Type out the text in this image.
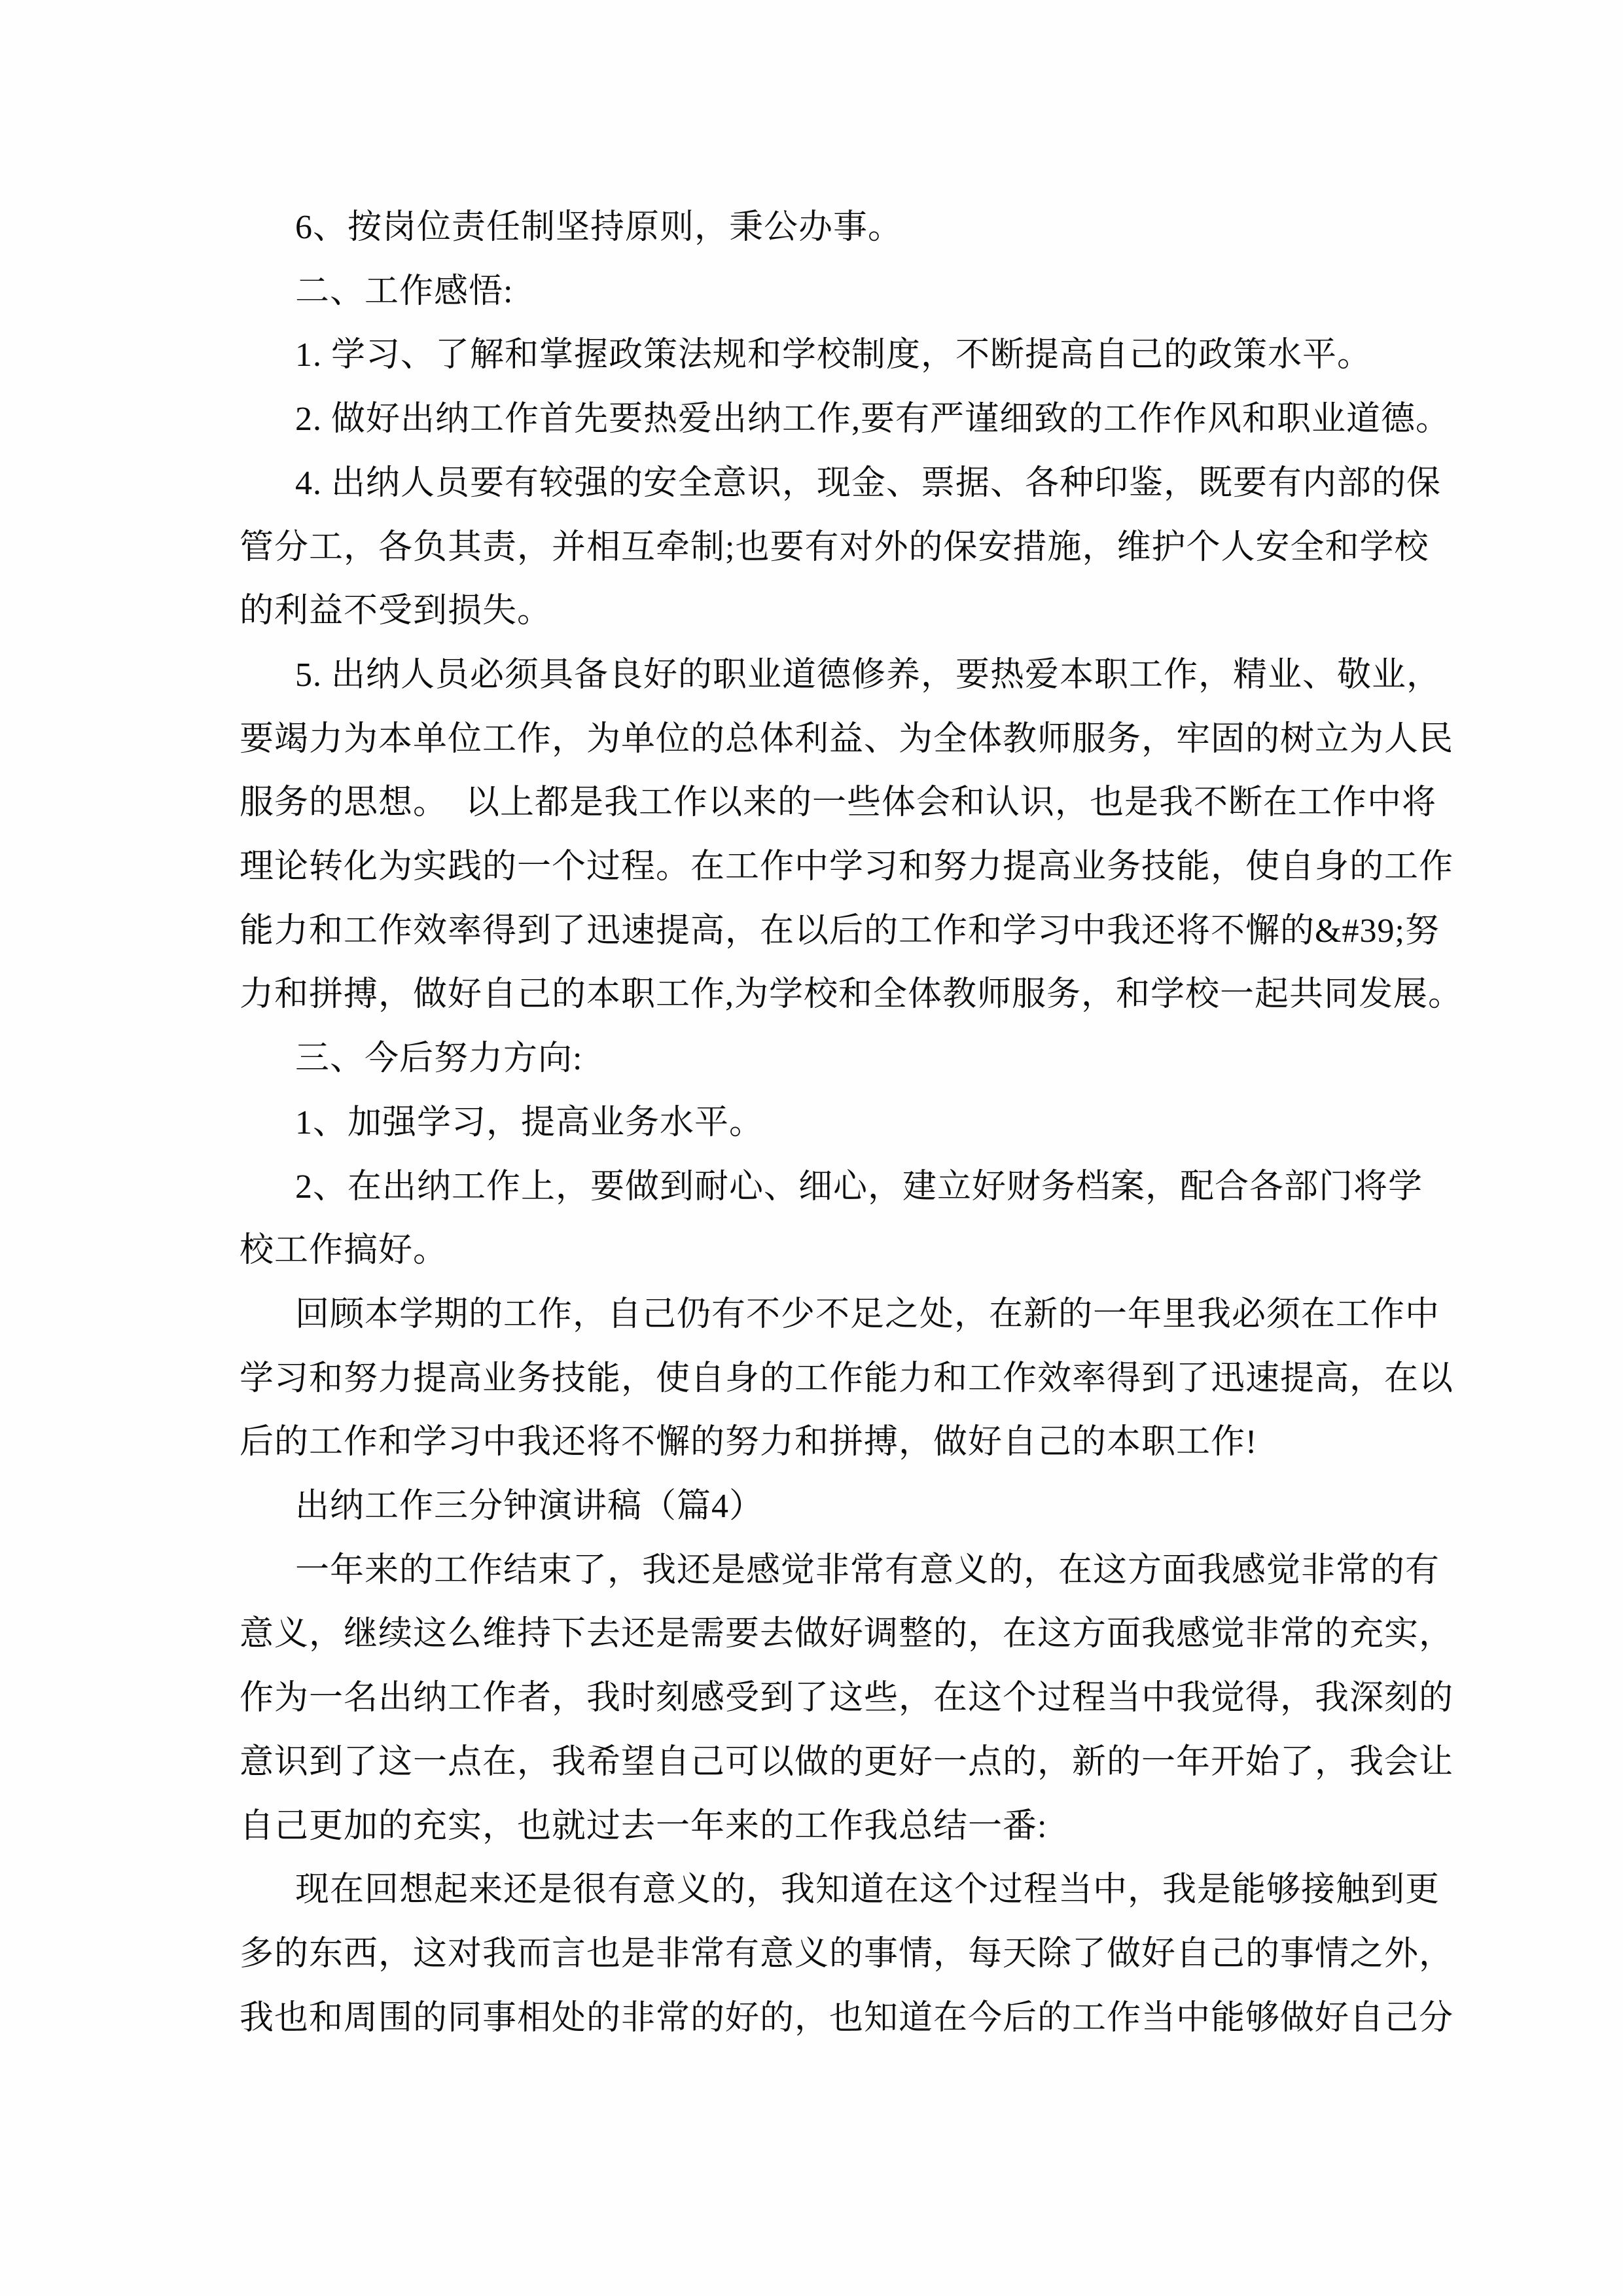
6、按岗位责任制坚持原则，秉公办事。

二、工作感悟:

1. 学习、了解和掌握政策法规和学校制度，不断提高自己的政策水平。

2. 做好出纳工作首先要热爱出纳工作,要有严谨细致的工作作风和职业道德。

4. 出纳人员要有较强的安全意识，现金、票据、各种印鉴，既要有内部的保

管分工，各负其责，并相互牵制;也要有对外的保安措施，维护个人安全和学校

的利益不受到损失。

5. 出纳人员必须具备良好的职业道德修养，要热爱本职工作，精业、敬业，

要竭力为本单位工作，为单位的总体利益、为全体教师服务，牢固的树立为人民

服务的思想。　以上都是我工作以来的一些体会和认识，也是我不断在工作中将

理论转化为实践的一个过程。在工作中学习和努力提高业务技能，使自身的工作

能力和工作效率得到了迅速提高，在以后的工作和学习中我还将不懈的&#39;努

力和拼搏，做好自己的本职工作,为学校和全体教师服务，和学校一起共同发展。

三、今后努力方向:

1、加强学习，提高业务水平。

2、在出纳工作上，要做到耐心、细心，建立好财务档案，配合各部门将学

校工作搞好。

回顾本学期的工作，自己仍有不少不足之处，在新的一年里我必须在工作中

学习和努力提高业务技能，使自身的工作能力和工作效率得到了迅速提高，在以

后的工作和学习中我还将不懈的努力和拼搏，做好自己的本职工作!

出纳工作三分钟演讲稿（篇4）

一年来的工作结束了，我还是感觉非常有意义的，在这方面我感觉非常的有

意义，继续这么维持下去还是需要去做好调整的，在这方面我感觉非常的充实，

作为一名出纳工作者，我时刻感受到了这些，在这个过程当中我觉得，我深刻的

意识到了这一点在，我希望自己可以做的更好一点的，新的一年开始了，我会让

自己更加的充实，也就过去一年来的工作我总结一番:

现在回想起来还是很有意义的，我知道在这个过程当中，我是能够接触到更

多的东西，这对我而言也是非常有意义的事情，每天除了做好自己的事情之外，

我也和周围的同事相处的非常的好的，也知道在今后的工作当中能够做好自己分
